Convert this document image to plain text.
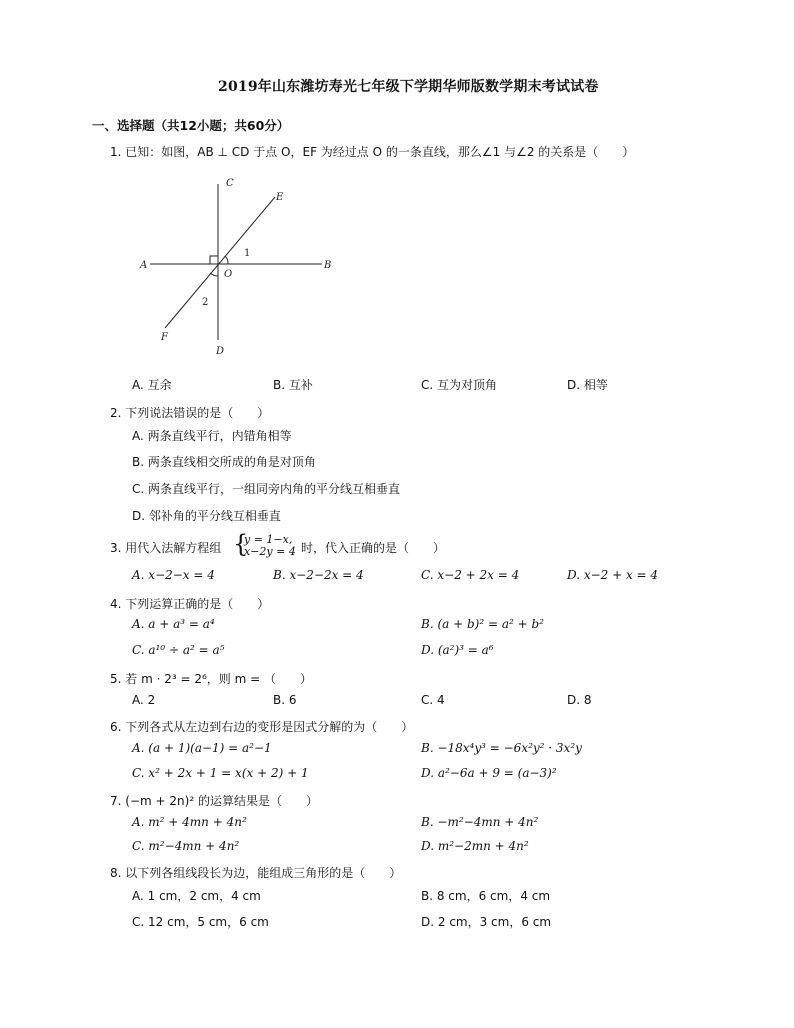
2019年山东潍坊寿光七年级下学期华师版数学期末考试试卷
一、选择题（共12小题；共60分）
1. 已知：如图，AB ⊥ CD 于点 O，EF 为经过点 O 的一条直线，那么∠1 与∠2 的关系是（　　）
C
E
A	B
O
F
D
1
2
A. 互余	B. 互补	C. 互为对顶角	D. 相等
2. 下列说法错误的是（　　）
A. 两条直线平行，内错角相等
B. 两条直线相交所成的角是对顶角
C. 两条直线平行，一组同旁内角的平分线互相垂直
D. 邻补角的平分线互相垂直
3. 用代入法解方程组 {
y = 1−x,
x−2y = 4 时，代入正确的是（　　）
A. x−2−x = 4	B. x−2−2x = 4	C. x−2 + 2x = 4	D. x−2 + x = 4
4. 下列运算正确的是（　　）
A. a + a³ = a⁴	B. (a + b)² = a² + b²
C. a¹⁰ ÷ a² = a⁵	D. (a²)³ = a⁶
5. 若 m · 2³ = 2⁶，则 m = （　　）
A. 2	B. 6	C. 4	D. 8
6. 下列各式从左边到右边的变形是因式分解的为（　　）
A. (a + 1)(a−1) = a²−1	B. −18x⁴y³ = −6x²y² · 3x²y
C. x² + 2x + 1 = x(x + 2) + 1	D. a²−6a + 9 = (a−3)²
7. (−m + 2n)² 的运算结果是（　　）
A. m² + 4mn + 4n²	B. −m²−4mn + 4n²
C. m²−4mn + 4n²	D. m²−2mn + 4n²
8. 以下列各组线段长为边，能组成三角形的是（　　）
A. 1 cm，2 cm，4 cm	B. 8 cm，6 cm，4 cm
C. 12 cm，5 cm，6 cm	D. 2 cm，3 cm，6 cm
